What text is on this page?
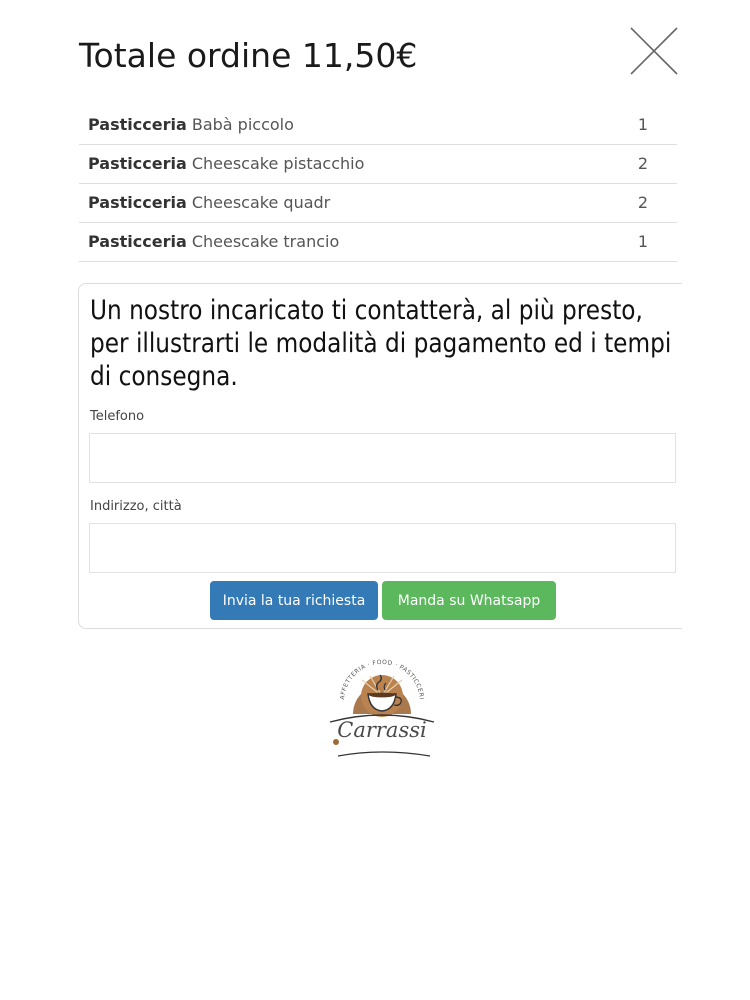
Totale ordine 11,50€
Pasticceria Babà piccolo	1
Pasticceria Cheescake pistacchio	2
Pasticceria Cheescake quadr	2
Pasticceria Cheescake trancio	1
Un nostro incaricato ti contatterà, al più presto, per illustrarti le modalità di pagamento ed i tempi di consegna.
Telefono
Indirizzo, città
Invia la tua richiesta	Manda su Whatsapp
AFFETTERIA · FOOD · PASTICCERI
Carrassi
